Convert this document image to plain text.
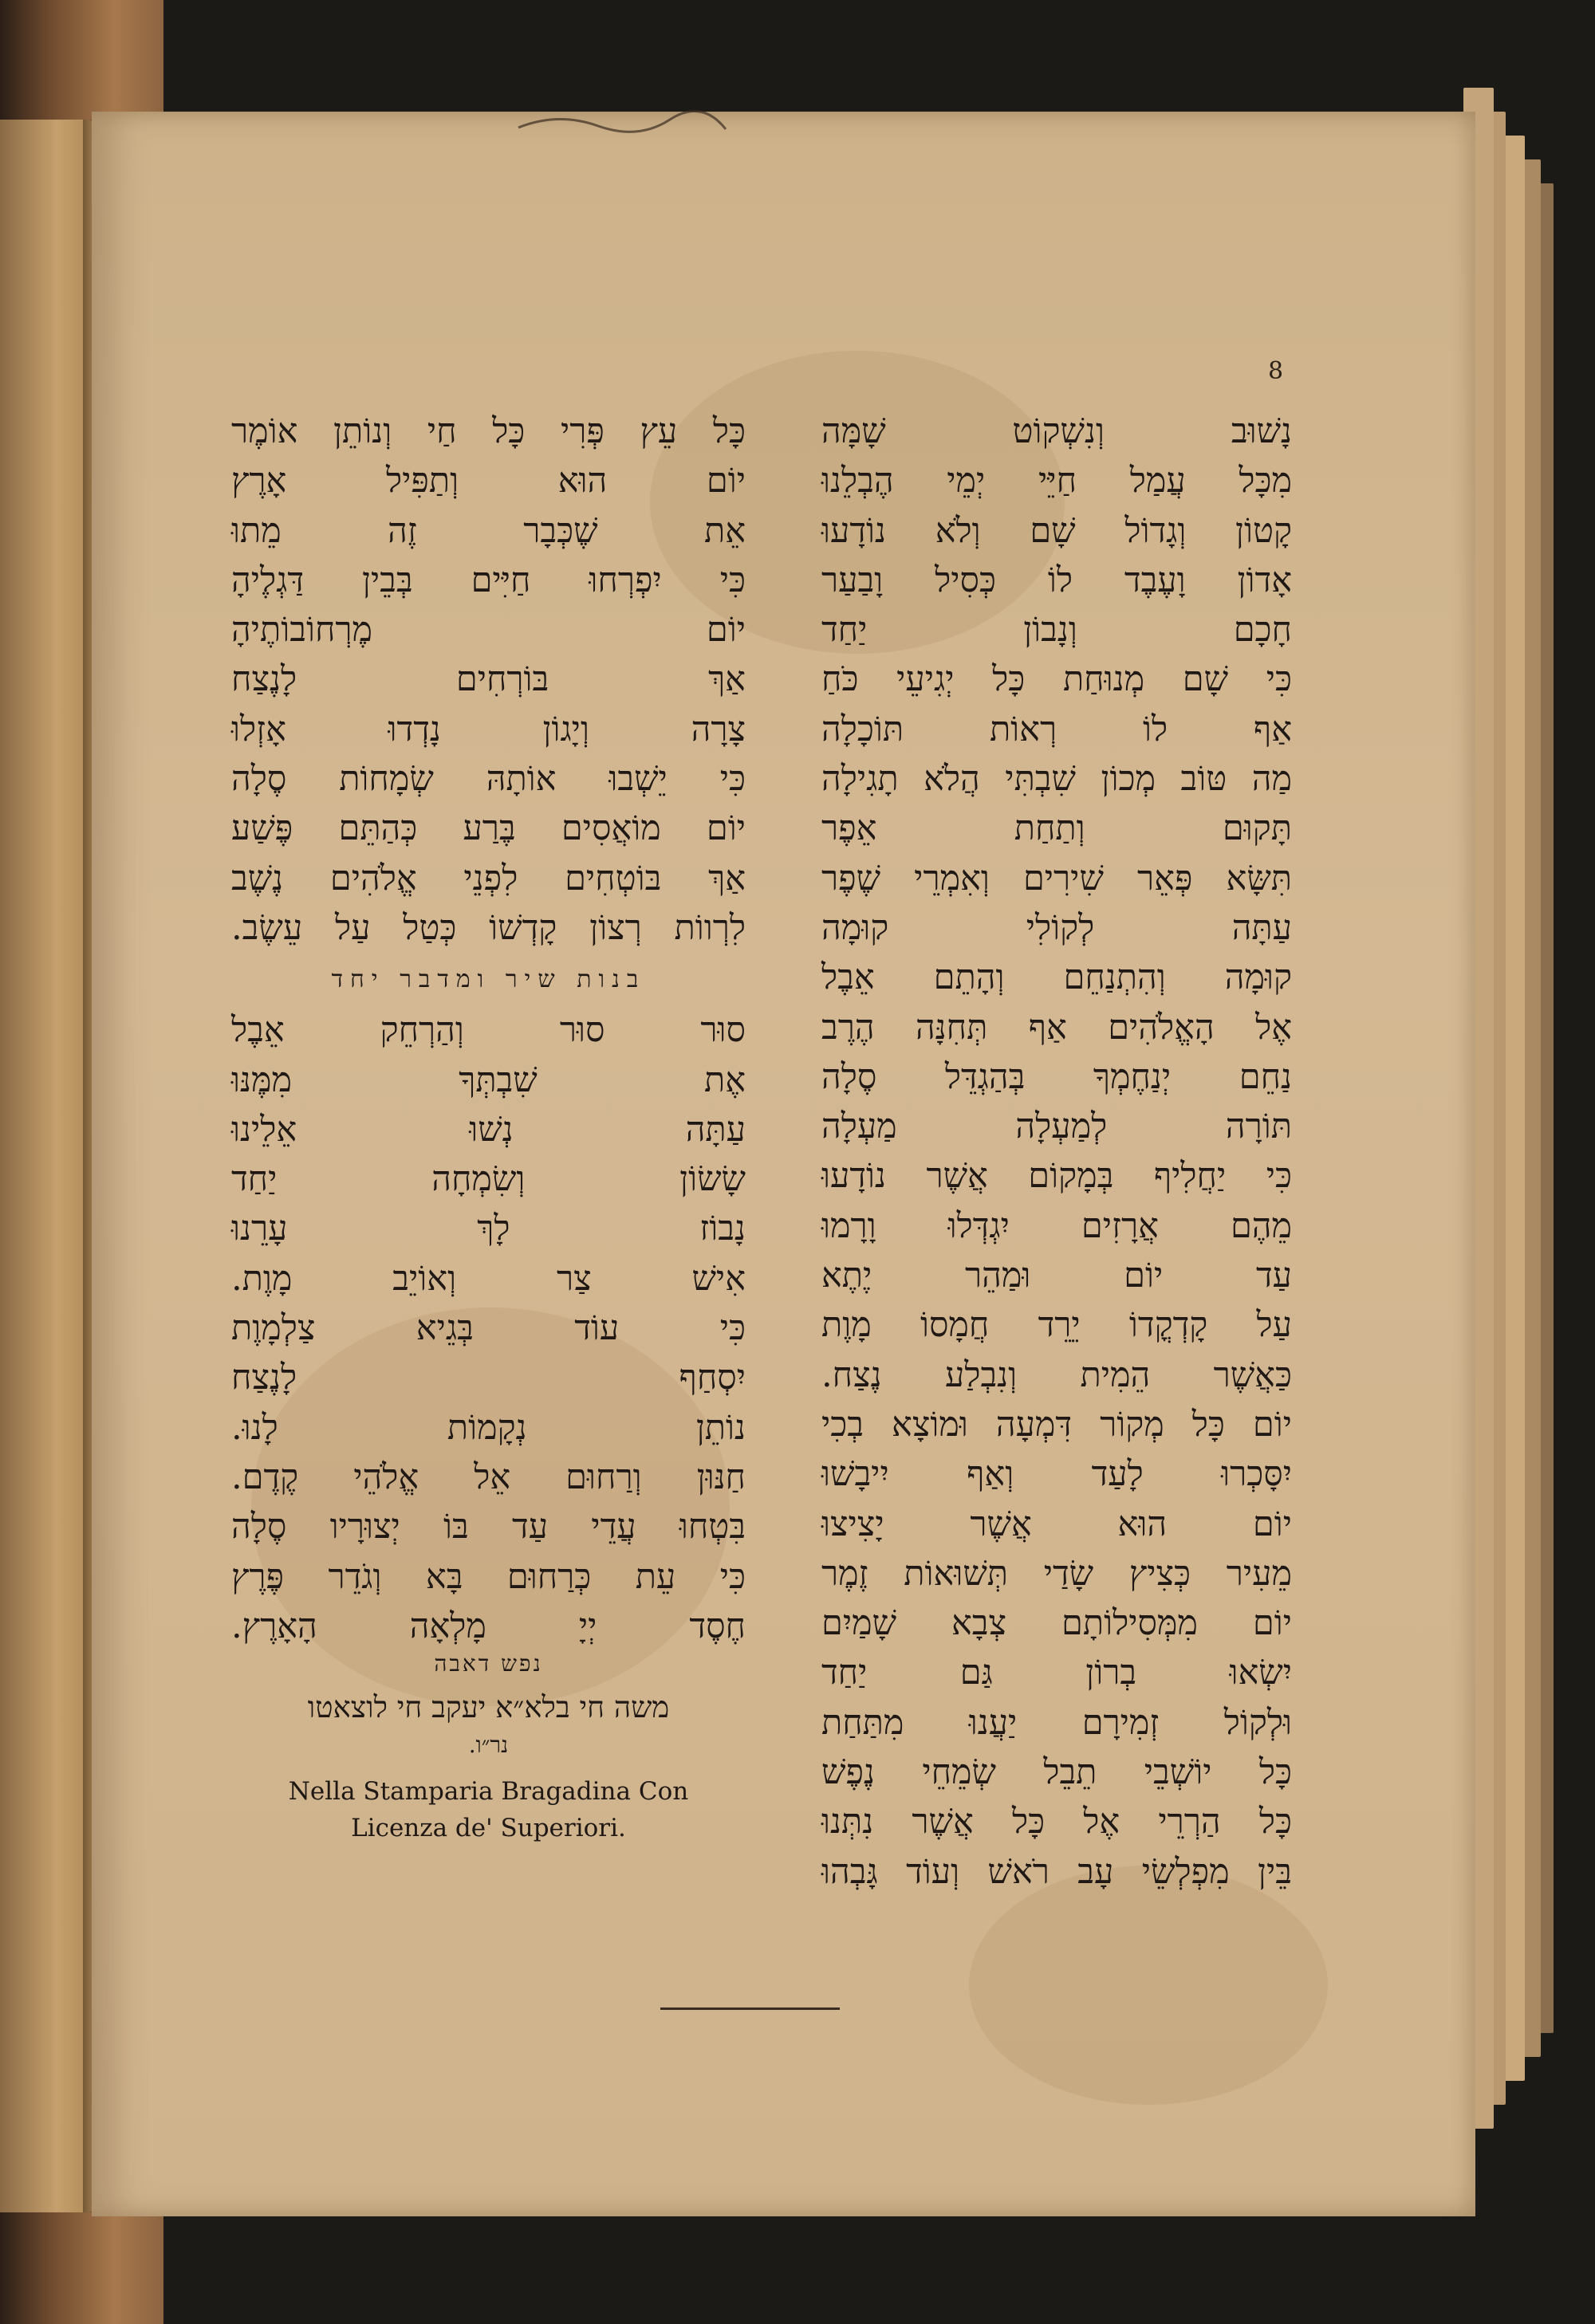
8
נָשׁוּב וְנִשְׁקוֹט שָׁמָּה
מִכָּל עֲמַל חַיֵּי יְמֵי הֶבְלֵנוּ
קָטוֹן וְגָדוֹל שָׁם וְלֹא נוֹדָעוּ
אָדוֹן וָעֶבֶד לוֹ כְּסִיל וָבַעַר
חָכָם וְנָבוֹן יַחַד
כִּי שָׁם מְנוּחַת כָּל יְגִיעֵי כֹּחַ
אַף לוֹ רְאוֹת תּוֹכָלָה
מַה טּוֹב מְכוֹן שִׁבְתִּי הֲלֹא תָגִילָה
תָּקוּם וְתַחַת אֵפֶר
תִּשָּׂא פְּאֵר שִׁירִים וְאִמְרֵי שֶׁפֶר
עַתָּה לְקוֹלִי קוּמָה
קוּמָה וְהִתְנַחֵם וְהָתֵם אֵבֶל
אֶל הָאֱלֹהִים אַף תְּחִנָּה הֶרֶב
נַחֵם יְנַחֶמְךָ בְּהַגְדֵּל סֶלָה
תּוֹרָה לְמַעְלָה מַעְלָה
כִּי יַחֲלִיף בְּמָקוֹם אֲשֶׁר נוֹדָעוּ
מֵהֶם אֲרָזִים יִגְדְּלוּ וָרָמוּ
עַד יוֹם וּמַהֵר יֶתֶא
עַל קָדְקֳדוֹ יֵרֵד חֲמָסוֹ מָוֶת
כַּאֲשֶׁר הֵמִית וְנִבְלַע נֶצַח.
יוֹם כָּל מְקוֹר דִּמְעָה וּמוֹצָא בְכִי
יִסָּכְרוּ לָעַד וְאַף יִיבָשׁוּ
יוֹם הוּא אֲשֶׁר יָצִיצוּ
מֵעִיר כְּצִיץ שָׂדַי תְּשׁוּאוֹת זֶמֶר
יוֹם מִמְּסִילוֹתָם צְבָא שָׁמַיִם
יִשְׂאוּ בְרוֹן גַּם יַחַד
וּלְקוֹל זְמִירָם יַעֲנוּ מִתַּחַת
כָּל יוֹשְׁבֵי תֵבֵל שְׂמֵחֵי נֶפֶשׁ
כָּל הַרְרֵי אֶל כָּל אֲשֶׁר נִתְּנוּ
בֵּין מִפְלְשֵׂי עָב רֹאשׁ וְעוֹד גָּבְהוּ
כָּל עֵץ פְּרִי כָּל חַי וְנוֹתֵן אוֹמֶר
יוֹם הוּא וְתַפִּיל אָרֶץ
אֵת שֶׁכְּבָר זֶה מֵתוּ
כִּי יִפְרְחוּ חַיִּים בְּבֵין דַּגְלֶיהָ
יוֹם מֶרְחוֹבוֹתֶיהָ
אַךְ בּוֹרְחִים לָנֶצַח
צָרָה וְיָגוֹן נָדְדוּ אָזְלוּ
כִּי יֵשְׁבוּ אוֹתָהּ שְׂמָחוֹת סֶלָה
יוֹם מוֹאֲסִים בֶּרַע כְּהַתֵּם פֶּשַׁע
אַךְ בּוֹטְחִים לִפְנֵי אֱלֹהִים נֶשֶׁב
לִרְווֹת רְצוֹן קָדְשׁוֹ כְּטַל עַל עֵשֶׂב.
בנות שיר ומדבר יחד
סוּר סוּר וְהַרְחֵק אֵבֶל
אֶת שִׁבְתְּךָ מִמֶּנּוּ
עַתָּה נְשׁוּ אֵלֵינוּ
שָׂשׂוֹן וְשִׂמְחָה יַחַד
נָבוֹז לָךְ עָרֵנוּ
אִישׁ צַר וְאוֹיֵב מָוֶת.
כִּי עוֹד בְּגֵיא צַלְמָוֶת
יִסְחַף לָנֶצַח
נוֹתֵן נְקָמוֹת לָנוּ.
חַנּוּן וְרַחוּם אֵל אֱלֹהֵי קֶדֶם.
בִּטְחוּ עֲדֵי עַד בּוֹ יְצוּרָיו סֶלָה
כִּי עֵת כְּרַחוּם בָּא וְגֹדֵר פֶּרֶץ
חֶסֶד יְיָ מָלְאָה הָאָרֶץ.
נפש דאבה
משה חי בלא״א יעקב חי לוצאטו
נר״ו.
Nella Stamparia Bragadina Con
Licenza de' Superiori.
